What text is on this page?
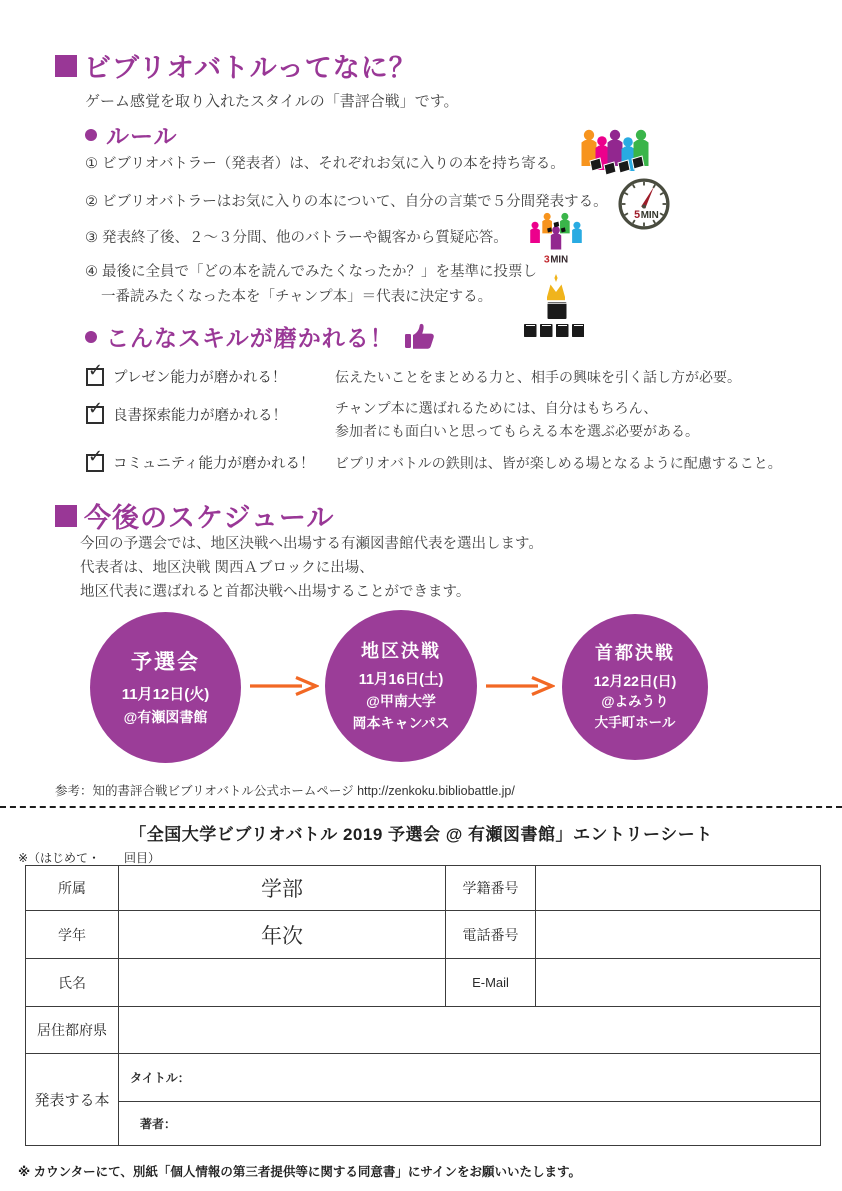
ビブリオバトルってなに？
ゲーム感覚を取り入れたスタイルの「書評合戦」です。
ルール
① ビブリオバトラー（発表者）は、それぞれお気に入りの本を持ち寄る。
② ビブリオバトラーはお気に入りの本について、自分の言葉で５分間発表する。
③ 発表終了後、２～３分間、他のバトラーや観客から質疑応答。
④ 最後に全員で「どの本を読んでみたくなったか？」を基準に投票し
一番読みたくなった本を「チャンプ本」＝代表に決定する。
5 MIN
3 MIN
こんなスキルが磨かれる！
✓ プレゼン能力が磨かれる！	伝えたいことをまとめる力と、相手の興味を引く話し方が必要。
✓ 良書探索能力が磨かれる！	チャンプ本に選ばれるためには、自分はもちろん、
参加者にも面白いと思ってもらえる本を選ぶ必要がある。
✓ コミュニティ能力が磨かれる！ ビブリオバトルの鉄則は、皆が楽しめる場となるように配慮すること。
今後のスケジュール
今回の予選会では、地区決戦へ出場する有瀬図書館代表を選出します。
代表者は、地区決戦 関西Ａブロックに出場、
地区代表に選ばれると首都決戦へ出場することができます。
予選会
11月12日(火)
@有瀬図書館
地区決戦
11月16日(土)
@甲南大学
岡本キャンパス
首都決戦
12月22日(日)
@よみうり
大手町ホール
参考：知的書評合戦ビブリオバトル公式ホームページ http://zenkoku.bibliobattle.jp/
「全国大学ビブリオバトル 2019 予選会 @ 有瀬図書館」エントリーシート
※（はじめて・　　回目）
所属	学部	学籍番号	
学年	年次	電話番号	
氏名		E-Mail	
居住都府県			
発表する本	タイトル：		
	著者：		
※ カウンターにて、別紙「個人情報の第三者提供等に関する同意書」にサインをお願いいたします。
